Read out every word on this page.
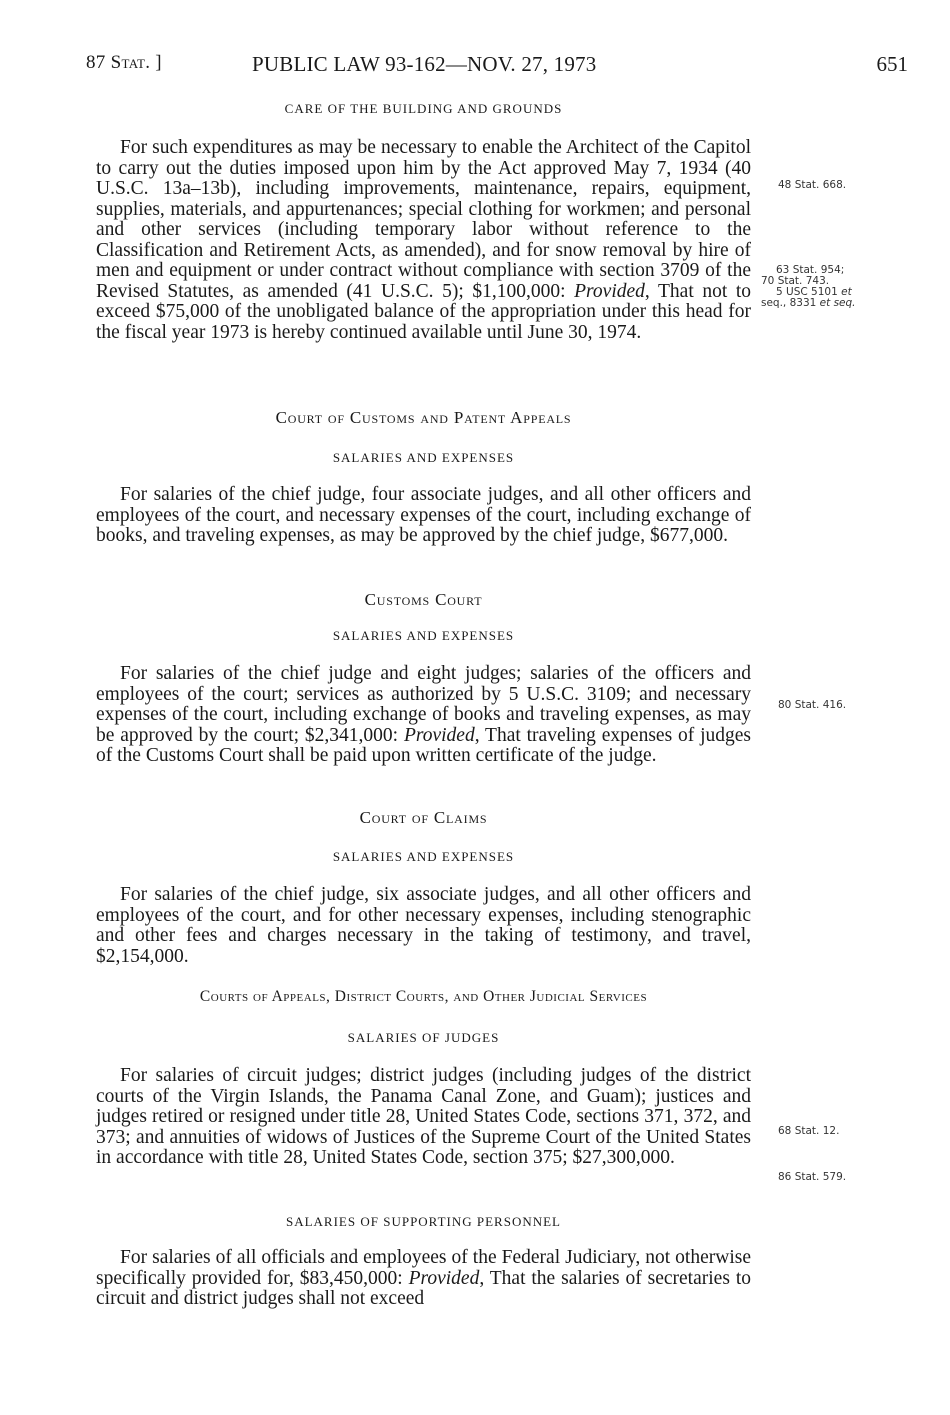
87 Stat. ]	PUBLIC LAW 93-162—NOV. 27, 1973	651
CARE OF THE BUILDING AND GROUNDS

For such expenditures as may be necessary to enable the Architect of the Capitol to carry out the duties imposed upon him by the Act approved May 7, 1934 (40 U.S.C. 13a–13b), including improvements, maintenance, repairs, equipment, supplies, materials, and appurtenances; special clothing for workmen; and personal and other services (including temporary labor without reference to the Classification and Retirement Acts, as amended), and for snow removal by hire of men and equipment or under contract without compliance with section 3709 of the Revised Statutes, as amended (41 U.S.C. 5); $1,100,000: Provided, That not to exceed $75,000 of the unobligated balance of the appropriation under this head for the fiscal year 1973 is hereby continued available until June 30, 1974.

Court of Customs and Patent Appeals
SALARIES AND EXPENSES

For salaries of the chief judge, four associate judges, and all other officers and employees of the court, and necessary expenses of the court, including exchange of books, and traveling expenses, as may be approved by the chief judge, $677,000.

Customs Court
SALARIES AND EXPENSES

For salaries of the chief judge and eight judges; salaries of the officers and employees of the court; services as authorized by 5 U.S.C. 3109; and necessary expenses of the court, including exchange of books and traveling expenses, as may be approved by the court; $2,341,000: Provided, That traveling expenses of judges of the Customs Court shall be paid upon written certificate of the judge.

Court of Claims
SALARIES AND EXPENSES

For salaries of the chief judge, six associate judges, and all other officers and employees of the court, and for other necessary expenses, including stenographic and other fees and charges necessary in the taking of testimony, and travel, $2,154,000.

Courts of Appeals, District Courts, and Other Judicial Services
SALARIES OF JUDGES

For salaries of circuit judges; district judges (including judges of the district courts of the Virgin Islands, the Panama Canal Zone, and Guam); justices and judges retired or resigned under title 28, United States Code, sections 371, 372, and 373; and annuities of widows of Justices of the Supreme Court of the United States in accordance with title 28, United States Code, section 375; $27,300,000.

SALARIES OF SUPPORTING PERSONNEL

For salaries of all officials and employees of the Federal Judiciary, not otherwise specifically provided for, $83,450,000: Provided, That the salaries of secretaries to circuit and district judges shall not exceed

48 Stat. 668.
63 Stat. 954;
70 Stat. 743.
5 USC 5101 et
seq., 8331 et seq.
80 Stat. 416.
68 Stat. 12.
86 Stat. 579.
